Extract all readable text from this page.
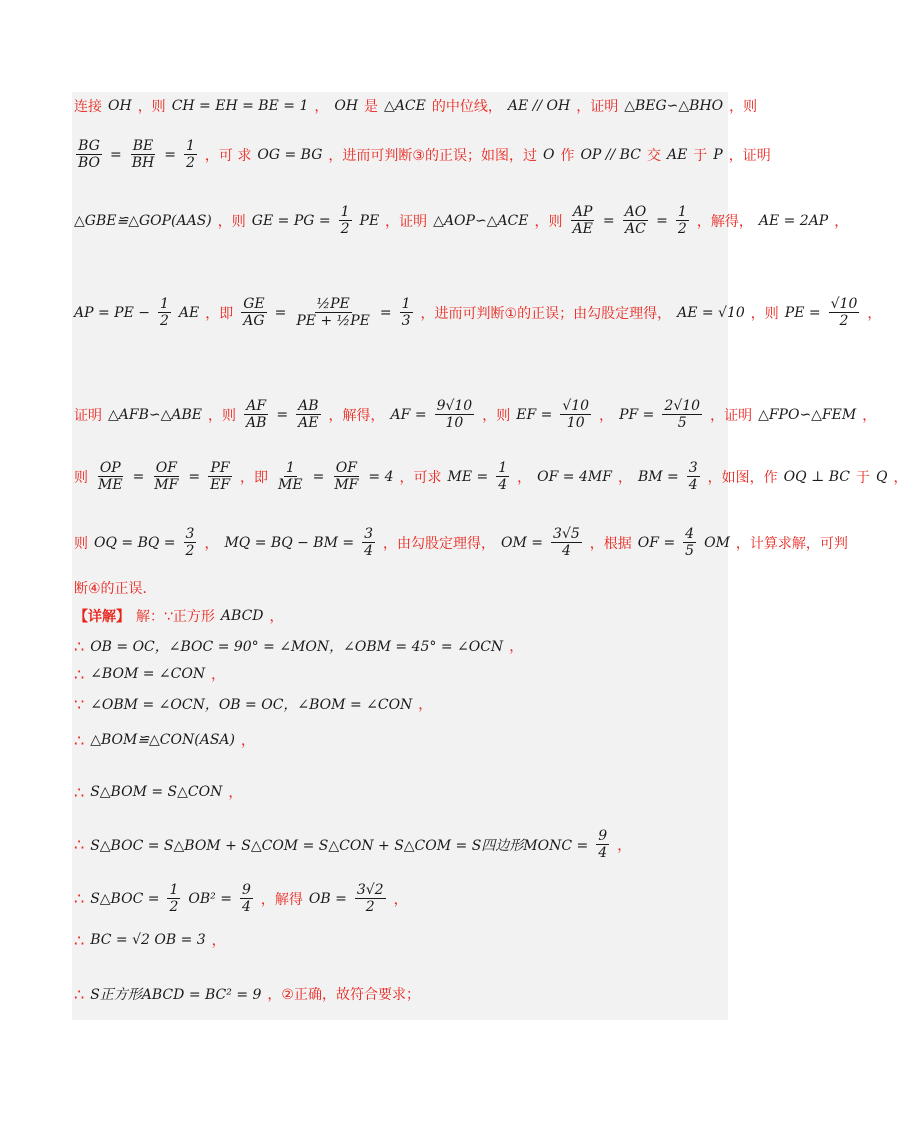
连接 OH ，则 CH = EH = BE = 1 ， OH 是 △ACE 的中位线， AE // OH ，证明 △BEG∽△BHO ，则
$\frac{BG}{BO} = \frac{BE}{BH} = \frac{1}{2}$ ，可 求 OG = BG ，进而可判断③的正误；如图，过 O 作 OP // BC 交 AE 于 P ，证明
△GBE≌△GOP(AAS) ，则 GE = PG = $\frac{1}{2}$ PE ，证明 △AOP∽△ACE ，则 $\frac{AP}{AE} = \frac{AO}{AC} = \frac{1}{2}$ ，解得， AE = 2AP ，
AP = PE − $\frac{1}{2}$ AE ，即 $\frac{GE}{AG} = \frac{\text{½PE}}{\text{PE + ½PE}} = \frac{1}{3}$ ，进而可判断①的正误；由勾股定理得， AE = √10 ，则 PE = $\frac{√10}{2}$ ，
证明 △AFB∽△ABE ，则 $\frac{AF}{AB} = \frac{AB}{AE}$ ，解得， AF = $\frac{9√10}{10}$ ，则 EF = $\frac{√10}{10}$ ， PF = $\frac{2√10}{5}$ ，证明 △FPO∽△FEM ，
则 $\frac{OP}{ME} = \frac{OF}{MF} = \frac{PF}{EF}$ ，即 $\frac{1}{ME} = \frac{OF}{MF} = 4$ ，可求 ME = $\frac{1}{4}$ ， OF = 4MF ， BM = $\frac{3}{4}$ ，如图，作 OQ ⊥ BC 于 Q ，
则 OQ = BQ = $\frac{3}{2}$ ， MQ = BQ − BM = $\frac{3}{4}$ ，由勾股定理得， OM = $\frac{3√5}{4}$ ，根据 OF = $\frac{4}{5}$ OM ，计算求解，可判
断④的正误．
【详解】 解：∵正方形 ABCD ，
∴ OB = OC，∠BOC = 90° = ∠MON，∠OBM = 45° = ∠OCN ，
∴ ∠BOM = ∠CON ，
∵ ∠OBM = ∠OCN，OB = OC，∠BOM = ∠CON ，
∴ △BOM≌△CON(ASA) ，
∴ S△BOM = S△CON ，
∴ S△BOC = S△BOM + S△COM = S△CON + S△COM = S四边形MONC = $\frac{9}{4}$ ，
∴ S△BOC = $\frac{1}{2} OB^2 = \frac{9}{4}$ ，解得 OB = $\frac{3√2}{2}$ ，
∴ BC = √2 OB = 3 ，
∴ S正方形ABCD = BC² = 9 ，②正确，故符合要求；
